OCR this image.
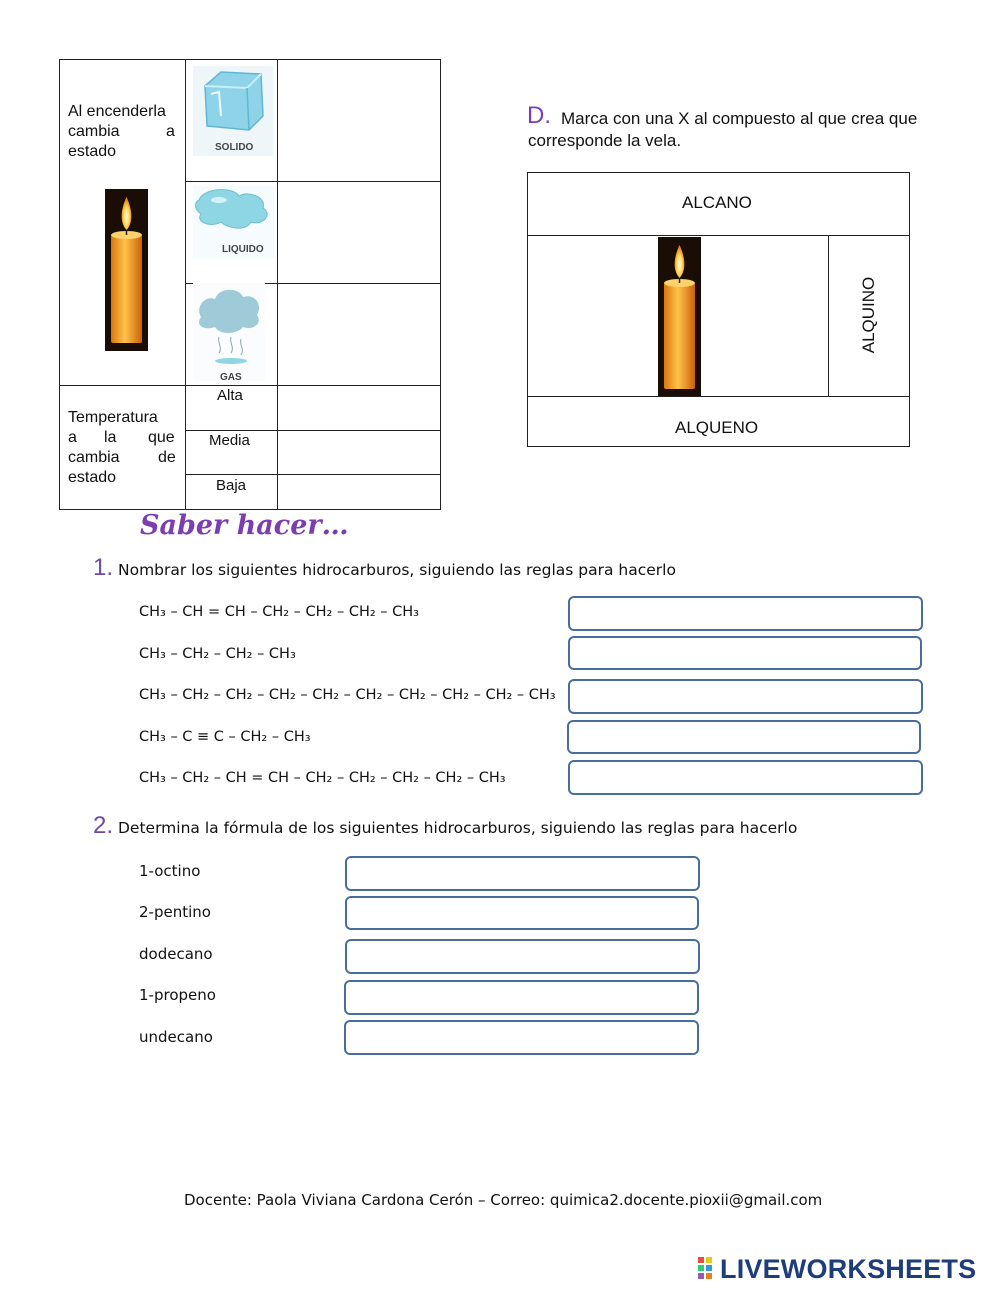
Al encenderla
cambia	a
estado	SOLIDO
LIQUIDO
GAS
Temperatura
a la que
cambia de
estado
Alta
Media
Baja
D. Marca con una X al compuesto al que crea que
corresponde la vela.
ALCANO
ALQUENO
ALQUINO
Saber hacer…
1. Nombrar los siguientes hidrocarburos, siguiendo las reglas para hacerlo
CH₃ – CH = CH – CH₂ – CH₂ – CH₂ – CH₃
CH₃ – CH₂ – CH₂ – CH₃
CH₃ – CH₂ – CH₂ – CH₂ – CH₂ – CH₂ – CH₂ – CH₂ – CH₂ – CH₃
CH₃ – C ≡ C – CH₂ – CH₃
CH₃ – CH₂ – CH = CH – CH₂ – CH₂ – CH₂ – CH₂ – CH₃
2. Determina la fórmula de los siguientes hidrocarburos, siguiendo las reglas para hacerlo
1-octino
2-pentino
dodecano
1-propeno
undecano
Docente: Paola Viviana Cardona Cerón – Correo: quimica2.docente.pioxii@gmail.com
LIVEWORKSHEETS
